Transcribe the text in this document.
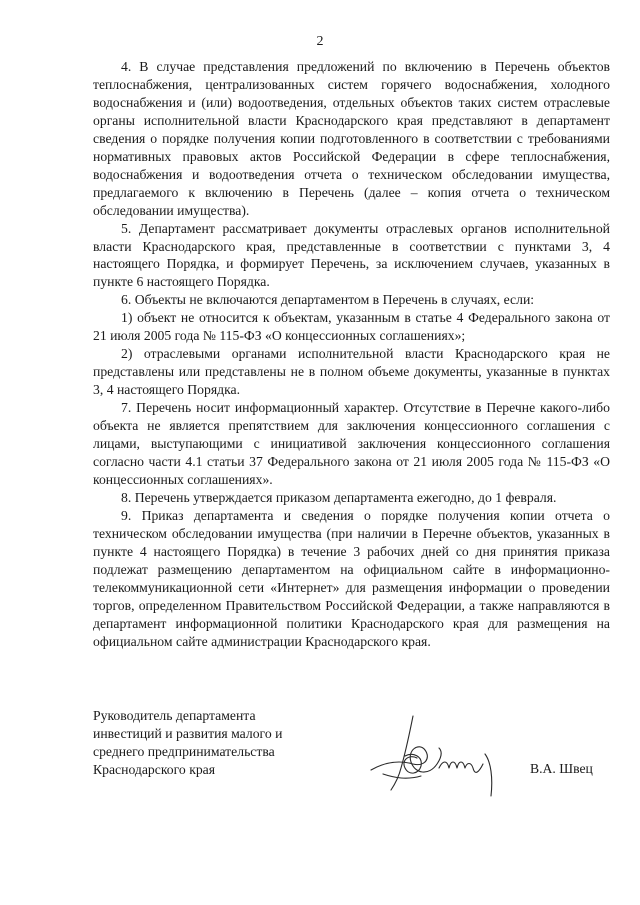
2

4. В случае представления предложений по включению в Перечень объектов теплоснабжения, централизованных систем горячего водоснабжения, холодного водоснабжения и (или) водоотведения, отдельных объектов таких систем отраслевые органы исполнительной власти Краснодарского края представляют в департамент сведения о порядке получения копии подготовленного в соответствии с требованиями нормативных правовых актов Российской Федерации в сфере теплоснабжения, водоснабжения и водоотведения отчета о техническом обследовании имущества, предлагаемого к включению в Перечень (далее – копия отчета о техническом обследовании имущества).

5. Департамент рассматривает документы отраслевых органов исполнительной власти Краснодарского края, представленные в соответствии с пунктами 3, 4 настоящего Порядка, и формирует Перечень, за исключением случаев, указанных в пункте 6 настоящего Порядка.

6. Объекты не включаются департаментом в Перечень в случаях, если:

1) объект не относится к объектам, указанным в статье 4 Федерального закона от 21 июля 2005 года № 115-ФЗ «О концессионных соглашениях»;

2) отраслевыми органами исполнительной власти Краснодарского края не представлены или представлены не в полном объеме документы, указанные в пунктах 3, 4 настоящего Порядка.

7. Перечень носит информационный характер. Отсутствие в Перечне какого-либо объекта не является препятствием для заключения концессионного соглашения с лицами, выступающими с инициативой заключения концессионного соглашения согласно части 4.1 статьи 37 Федерального закона от 21 июля 2005 года № 115-ФЗ «О концессионных соглашениях».

8. Перечень утверждается приказом департамента ежегодно, до 1 февраля.

9. Приказ департамента и сведения о порядке получения копии отчета о техническом обследовании имущества (при наличии в Перечне объектов, указанных в пункте 4 настоящего Порядка) в течение 3 рабочих дней со дня принятия приказа подлежат размещению департаментом на официальном сайте в информационно-телекоммуникационной сети «Интернет» для размещения информации о проведении торгов, определенном Правительством Российской Федерации, а также направляются в департамент информационной политики Краснодарского края для размещения на официальном сайте администрации Краснодарского края.

Руководитель департамента
инвестиций и развития малого и
среднего предпринимательства
Краснодарского края	В.А. Швец
